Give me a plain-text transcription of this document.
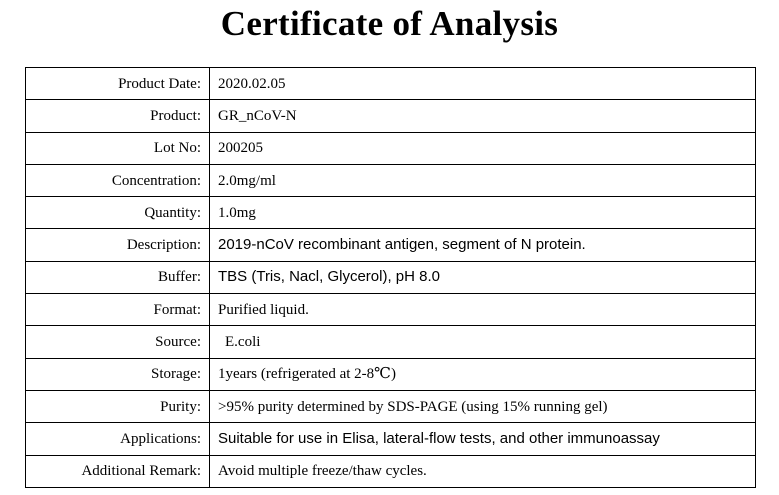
Certificate of Analysis
Product Date:	2020.02.05
Product:	GR_nCoV-N
Lot No:	200205
Concentration:	2.0mg/ml
Quantity:	1.0mg
Description:	2019-nCoV recombinant antigen, segment of N protein.
Buffer:	TBS (Tris, Nacl, Glycerol), pH 8.0
Format:	Purified liquid.
Source:	E.coli
Storage:	1years (refrigerated at 2-8℃)
Purity:	>95% purity determined by SDS-PAGE (using 15% running gel)
Applications:	Suitable for use in Elisa, lateral-flow tests, and other immunoassay
Additional Remark:	Avoid multiple freeze/thaw cycles.
